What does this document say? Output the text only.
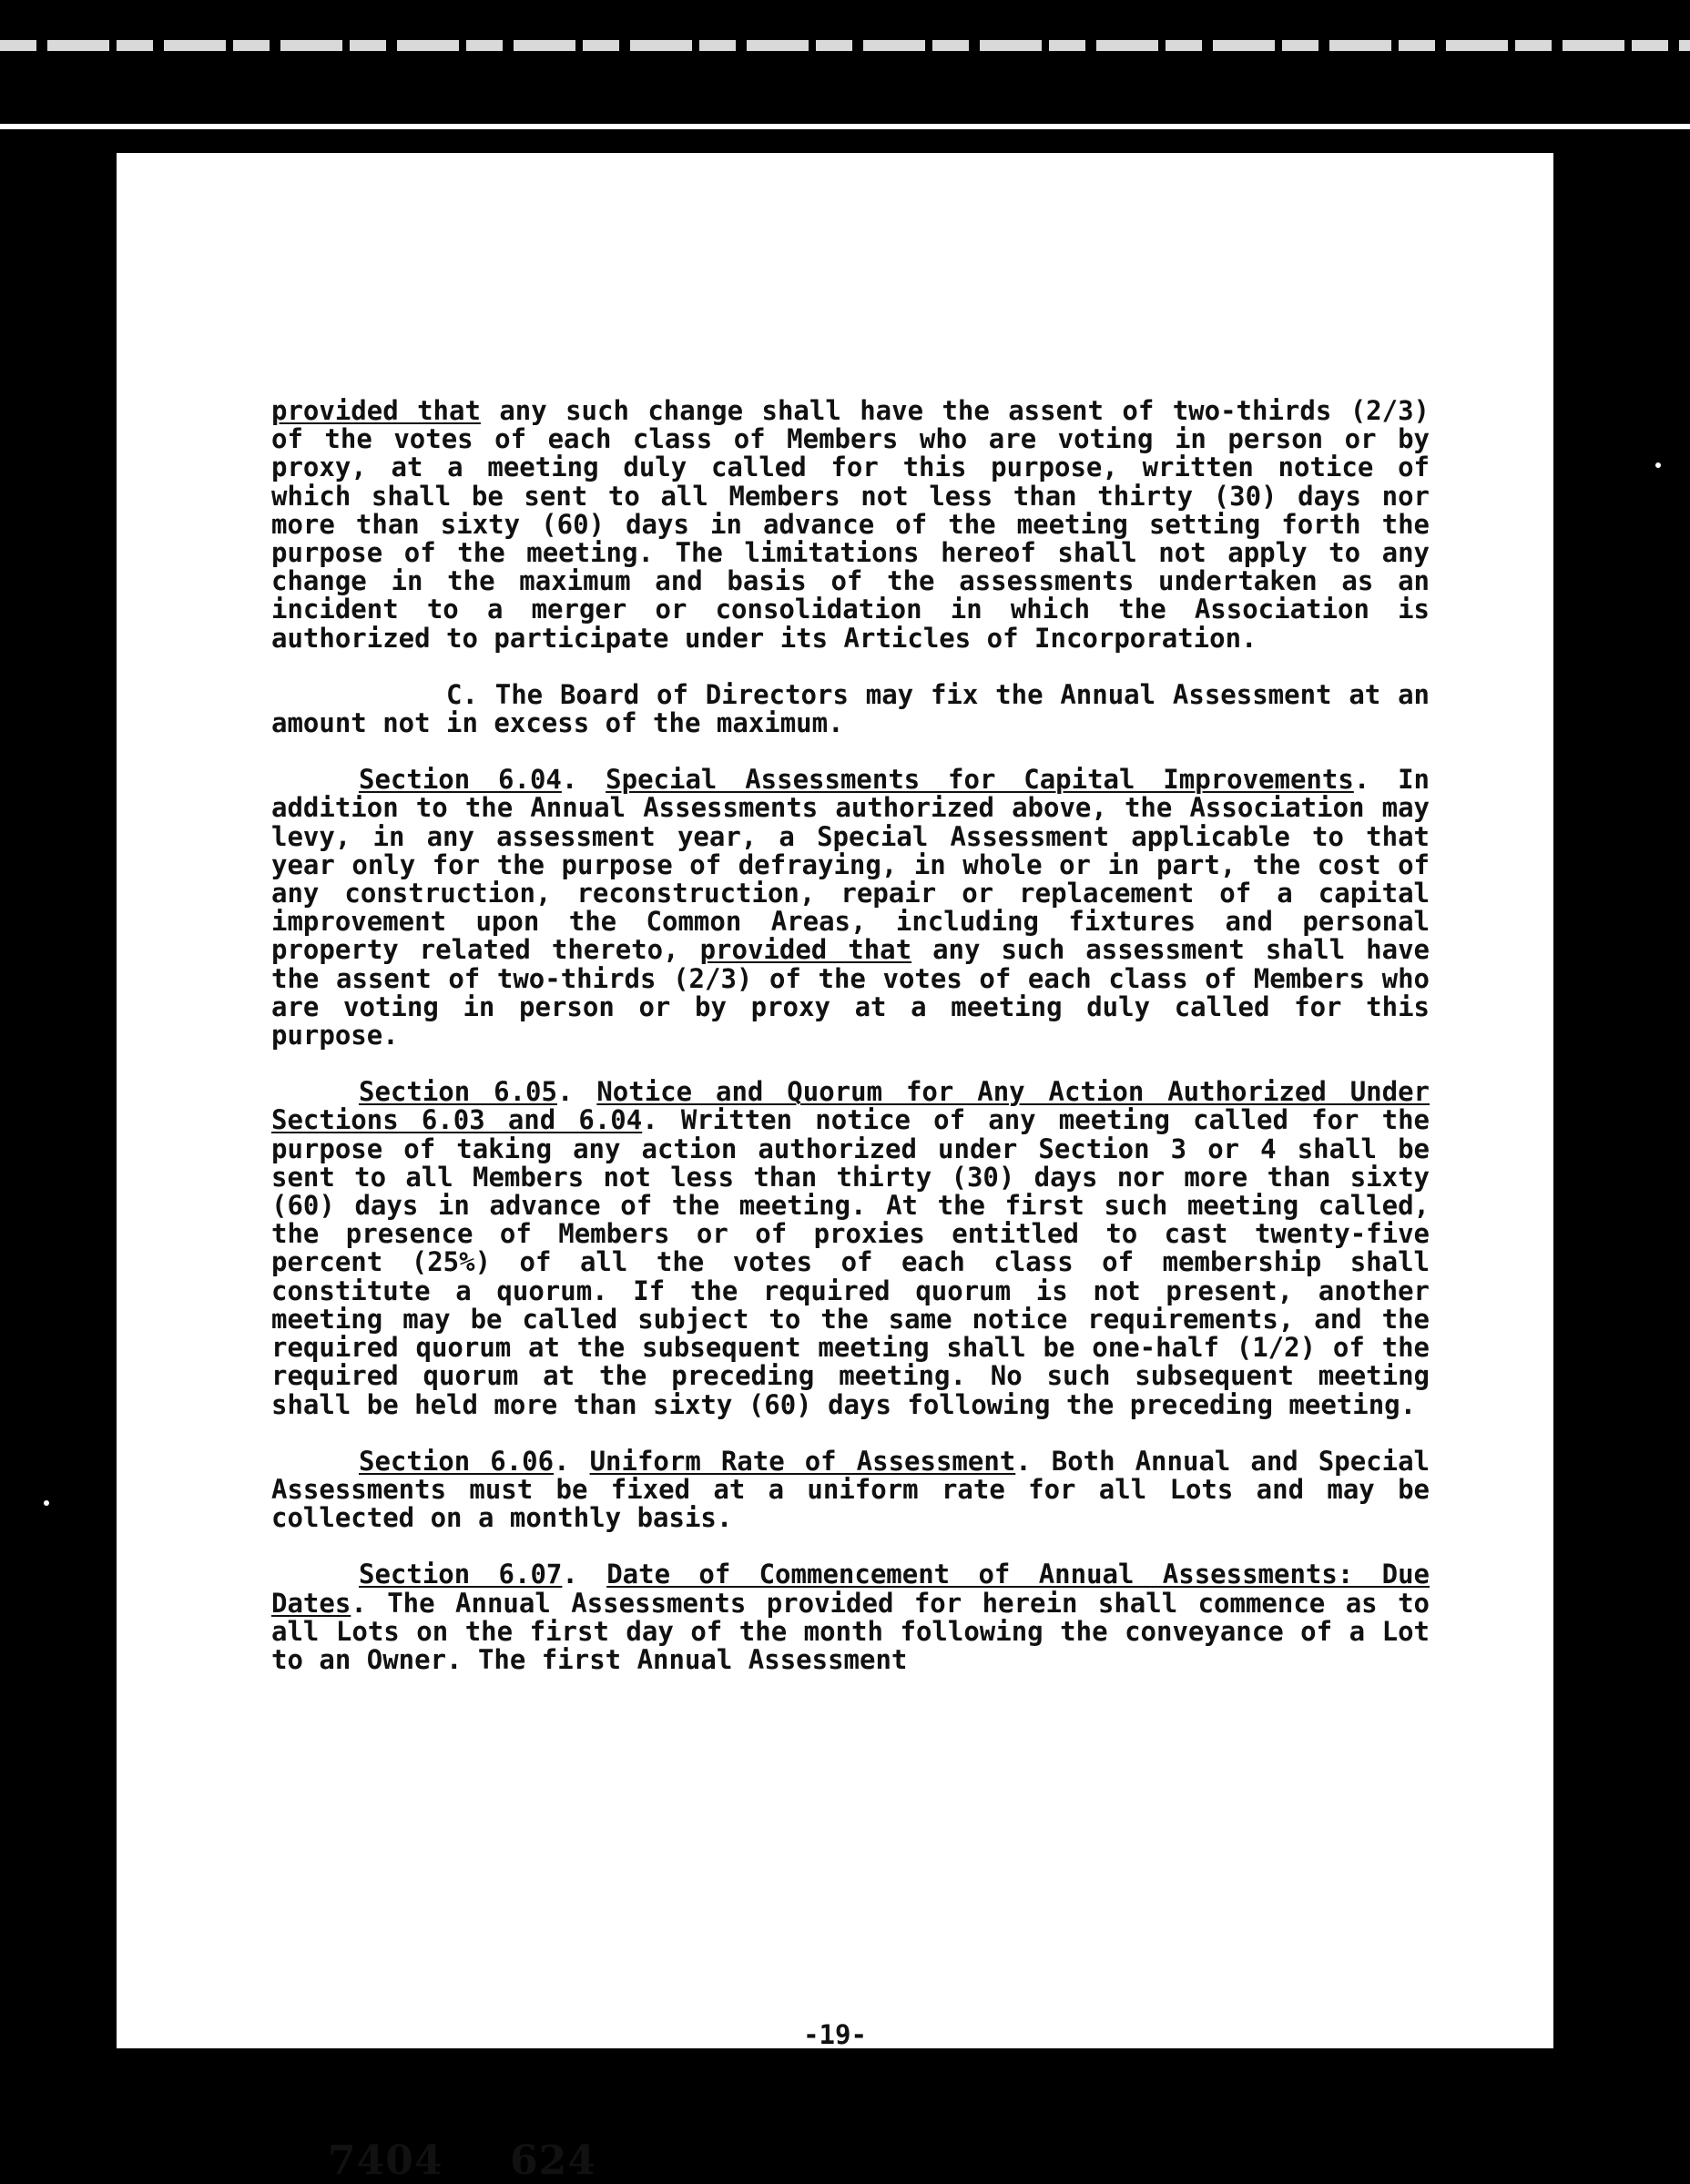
provided that any such change shall have the assent of two-thirds (2/3) of the votes of each class of Members who are voting in person or by proxy, at a meeting duly called for this purpose, written notice of which shall be sent to all Members not less than thirty (30) days nor more than sixty (60) days in advance of the meeting setting forth the purpose of the meeting. The limitations hereof shall not apply to any change in the maximum and basis of the assessments undertaken as an incident to a merger or consolidation in which the Association is authorized to participate under its Articles of Incorporation.

C. The Board of Directors may fix the Annual Assessment at an amount not in excess of the maximum.

Section 6.04. Special Assessments for Capital Improvements. In addition to the Annual Assessments authorized above, the Association may levy, in any assessment year, a Special Assessment applicable to that year only for the purpose of defraying, in whole or in part, the cost of any construction, reconstruction, repair or replacement of a capital improvement upon the Common Areas, including fixtures and personal property related thereto, provided that any such assessment shall have the assent of two-thirds (2/3) of the votes of each class of Members who are voting in person or by proxy at a meeting duly called for this purpose.

Section 6.05. Notice and Quorum for Any Action Authorized Under Sections 6.03 and 6.04. Written notice of any meeting called for the purpose of taking any action authorized under Section 3 or 4 shall be sent to all Members not less than thirty (30) days nor more than sixty (60) days in advance of the meeting. At the first such meeting called, the presence of Members or of proxies entitled to cast twenty-five percent (25%) of all the votes of each class of membership shall constitute a quorum. If the required quorum is not present, another meeting may be called subject to the same notice requirements, and the required quorum at the subsequent meeting shall be one-half (1/2) of the required quorum at the preceding meeting. No such subsequent meeting shall be held more than sixty (60) days following the preceding meeting.

Section 6.06. Uniform Rate of Assessment. Both Annual and Special Assessments must be fixed at a uniform rate for all Lots and may be collected on a monthly basis.

Section 6.07. Date of Commencement of Annual Assessments: Due Dates. The Annual Assessments provided for herein shall commence as to all Lots on the first day of the month following the conveyance of a Lot to an Owner. The first Annual Assessment

-19-
7404 624
